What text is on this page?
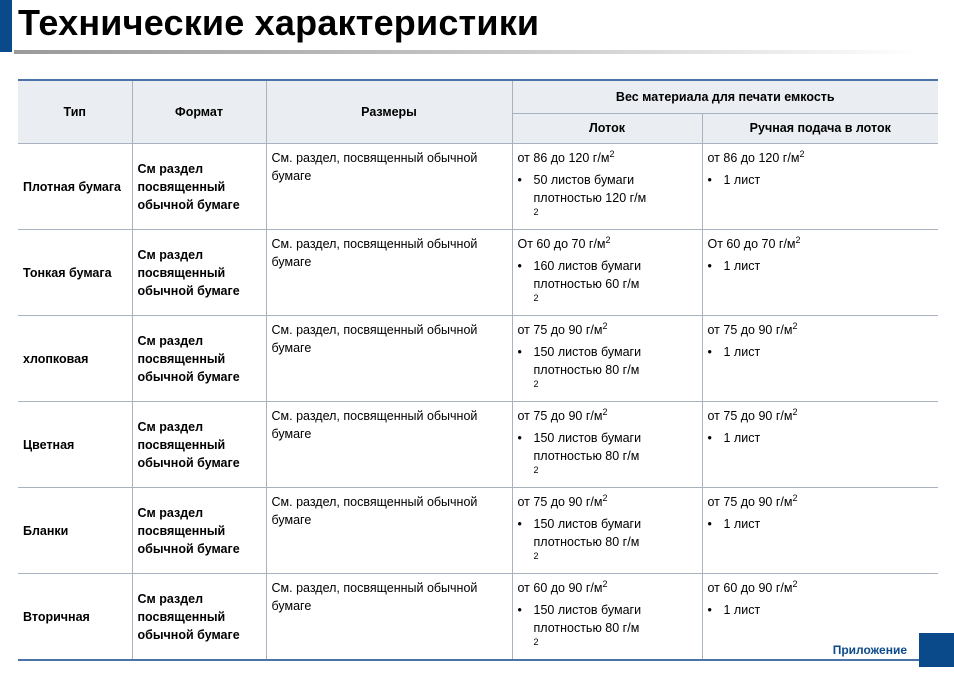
Технические характеристики
Тип	Формат	Размеры	Вес материала для печати емкость	
			Лоток	Ручная подача в лоток
Плотная бумага	См раздел
посвященный
обычной бумаге	См. раздел, посвященный обычной бумаге	от 86 до 120 $г/м^2$
• 50 листов бумаги
плотностью 120 г/м
$^2$	от 86 до 120 $г/м^2$
• 1 лист

Тонкая бумага	См раздел
посвященный
обычной бумаге	См. раздел, посвященный обычной бумаге	От 60 до 70 $г/м^2$
• 160 листов бумаги
плотностью 60 г/м
$^2$	От 60 до 70 $г/м^2$
• 1 лист

хлопковая	См раздел
посвященный
обычной бумаге	См. раздел, посвященный обычной бумаге	от 75 до 90 $г/м^2$
• 150 листов бумаги
плотностью 80 г/м
$^2$	от 75 до 90 $г/м^2$
• 1 лист

Цветная	См раздел
посвященный
обычной бумаге	См. раздел, посвященный обычной бумаге	от 75 до 90 $г/м^2$
• 150 листов бумаги
плотностью 80 г/м
$^2$	от 75 до 90 $г/м^2$
• 1 лист

Бланки	См раздел
посвященный
обычной бумаге	См. раздел, посвященный обычной бумаге	от 75 до 90 $г/м^2$
• 150 листов бумаги
плотностью 80 г/м
$^2$	от 75 до 90 $г/м^2$
• 1 лист

Вторичная	См раздел
посвященный
обычной бумаге	См. раздел, посвященный обычной бумаге	от 60 до 90 $г/м^2$
• 150 листов бумаги
плотностью 80 г/м
$^2$	от 60 до 90 $г/м^2$
• 1 лист
Приложение
